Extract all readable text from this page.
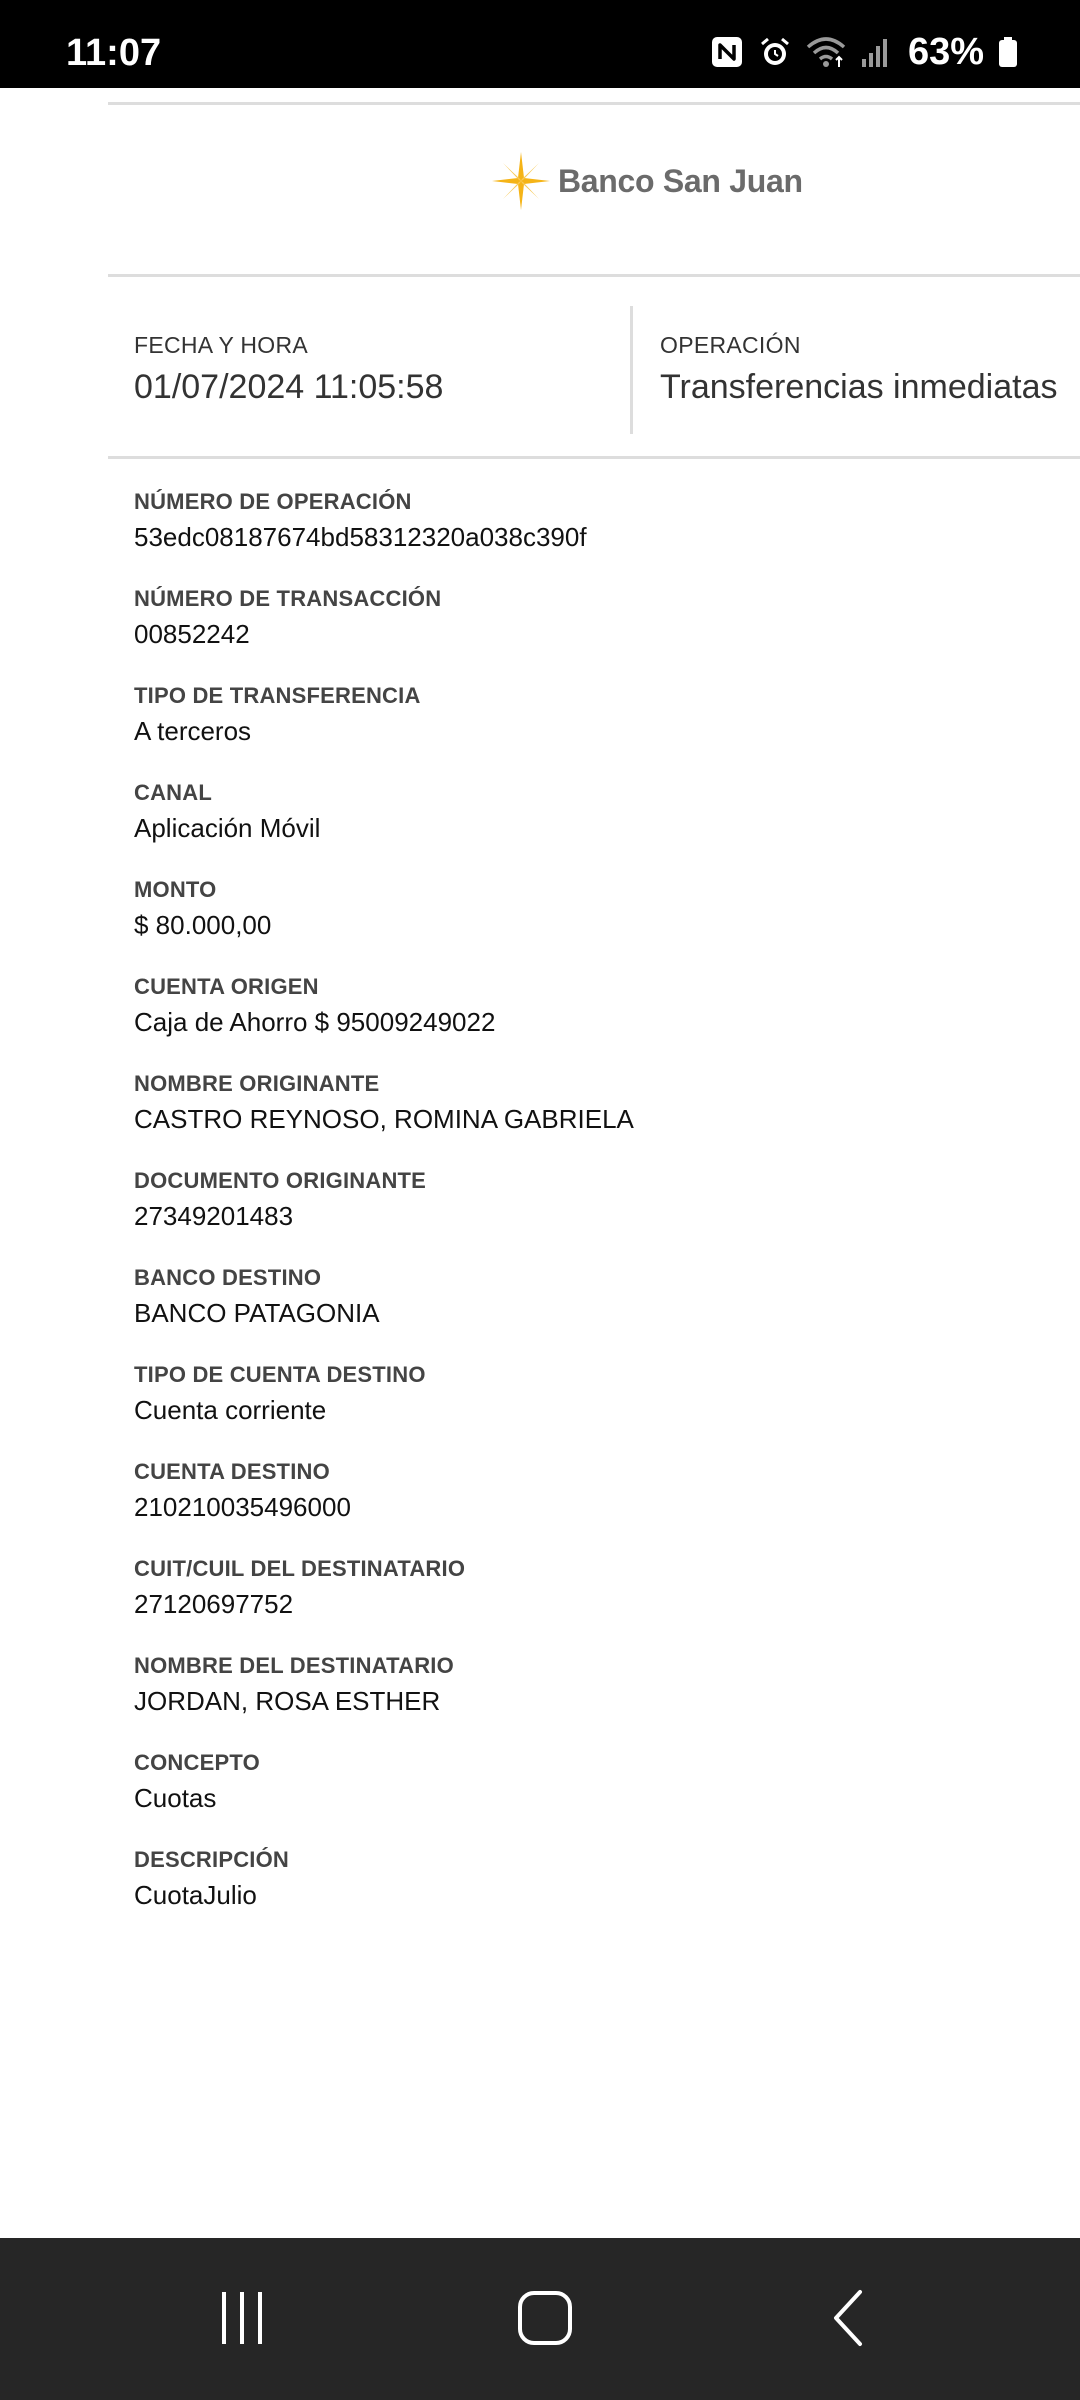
11:07	63%
Banco San Juan
FECHA Y HORA
01/07/2024 11:05:58
OPERACIÓN
Transferencias inmediatas
NÚMERO DE OPERACIÓN
53edc08187674bd58312320a038c390f
NÚMERO DE TRANSACCIÓN
00852242
TIPO DE TRANSFERENCIA
A terceros
CANAL
Aplicación Móvil
MONTO
$ 80.000,00
CUENTA ORIGEN
Caja de Ahorro $ 95009249022
NOMBRE ORIGINANTE
CASTRO REYNOSO, ROMINA GABRIELA
DOCUMENTO ORIGINANTE
27349201483
BANCO DESTINO
BANCO PATAGONIA
TIPO DE CUENTA DESTINO
Cuenta corriente
CUENTA DESTINO
210210035496000
CUIT/CUIL DEL DESTINATARIO
27120697752
NOMBRE DEL DESTINATARIO
JORDAN, ROSA ESTHER
CONCEPTO
Cuotas
DESCRIPCIÓN
CuotaJulio
